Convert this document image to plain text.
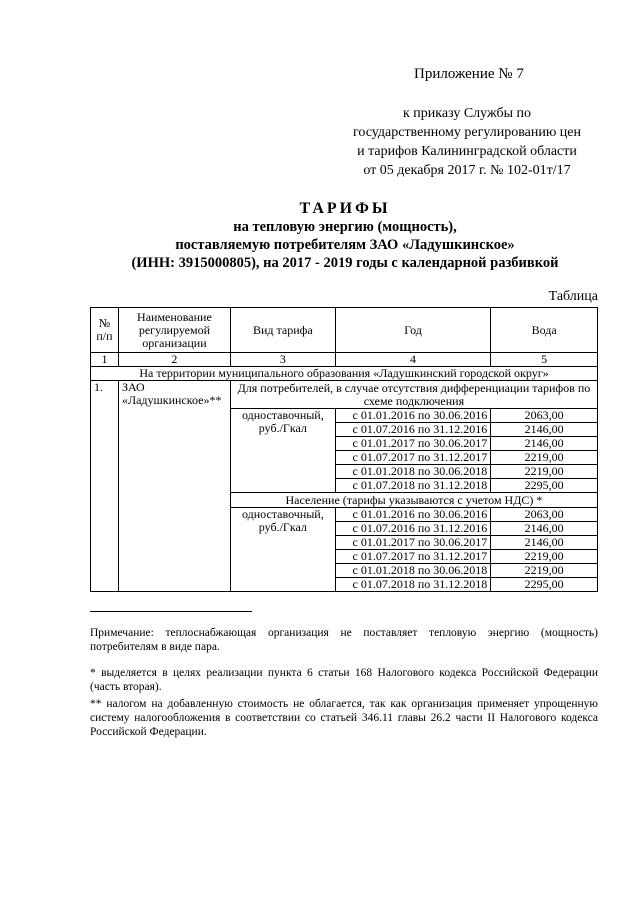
Приложение № 7
к приказу Службы по
государственному регулированию цен
и тарифов Калининградской области
от 05 декабря 2017 г. № 102-01т/17
ТАРИФЫ
на тепловую энергию (мощность),
поставляемую потребителям ЗАО «Ладушкинское»
(ИНН: 3915000805), на 2017 - 2019 годы с календарной разбивкой
Таблица
№ п/п	Наименование регулируемой организации	Вид тарифа	Год	Вода
1	2	3	4	5
На территории муниципального образования «Ладушкинский городской округ»				
1.	ЗАО «Ладушкинское»**	Для потребителей, в случае отсутствия дифференциации тарифов по схеме подключения		
		одноставочный, руб./Гкал	с 01.01.2016 по 30.06.2016	2063,00
			с 01.07.2016 по 31.12.2016	2146,00
			с 01.01.2017 по 30.06.2017	2146,00
			с 01.07.2017 по 31.12.2017	2219,00
			с 01.01.2018 по 30.06.2018	2219,00
			с 01.07.2018 по 31.12.2018	2295,00
		Население (тарифы указываются с учетом НДС) *		
		одноставочный, руб./Гкал	с 01.01.2016 по 30.06.2016	2063,00
			с 01.07.2016 по 31.12.2016	2146,00
			с 01.01.2017 по 30.06.2017	2146,00
			с 01.07.2017 по 31.12.2017	2219,00
			с 01.01.2018 по 30.06.2018	2219,00
			с 01.07.2018 по 31.12.2018	2295,00
Примечание: теплоснабжающая организация не поставляет тепловую энергию (мощность) потребителям в виде пара.
* выделяется в целях реализации пункта 6 статьи 168 Налогового кодекса Российской Федерации (часть вторая).
** налогом на добавленную стоимость не облагается, так как организация применяет упрощенную систему налогообложения в соответствии со статьей 346.11 главы 26.2 части II Налогового кодекса Российской Федерации.
